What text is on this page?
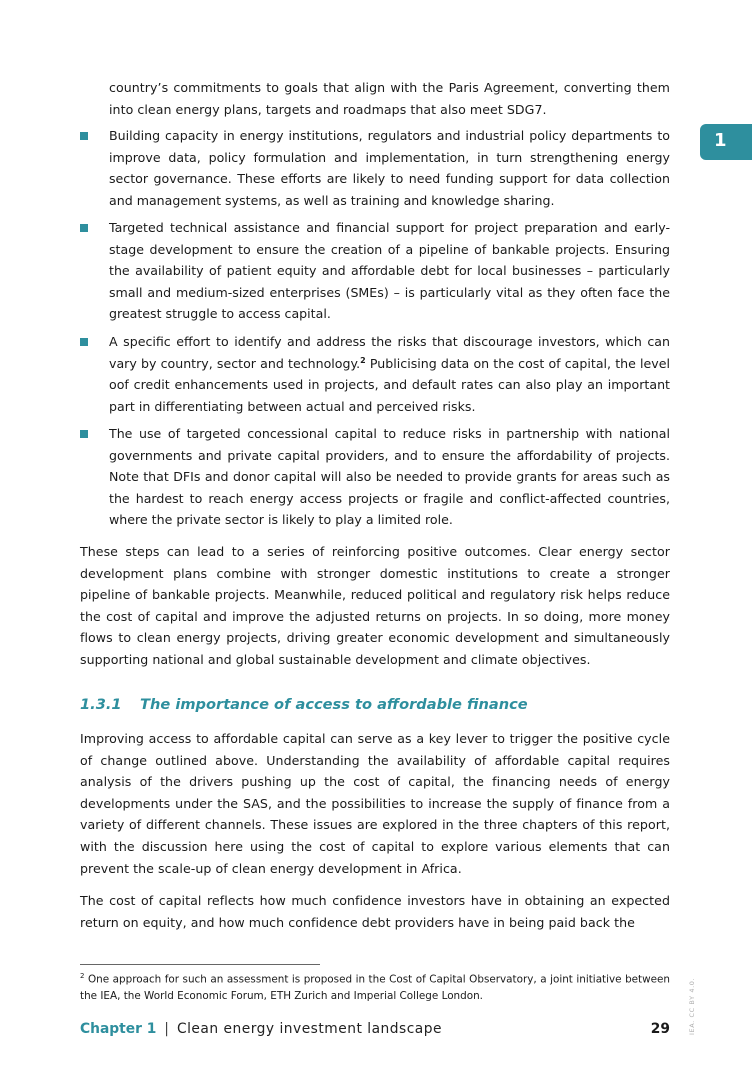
1
country’s commitments to goals that align with the Paris Agreement, converting them into clean energy plans, targets and roadmaps that also meet SDG7.
Building capacity in energy institutions, regulators and industrial policy departments to improve data, policy formulation and implementation, in turn strengthening energy sector governance. These efforts are likely to need funding support for data collection and management systems, as well as training and knowledge sharing.
Targeted technical assistance and financial support for project preparation and early-stage development to ensure the creation of a pipeline of bankable projects. Ensuring the availability of patient equity and affordable debt for local businesses – particularly small and medium-sized enterprises (SMEs) – is particularly vital as they often face the greatest struggle to access capital.
A specific effort to identify and address the risks that discourage investors, which can vary by country, sector and technology.$^2$ Publicising data on the cost of capital, the level oof credit enhancements used in projects, and default rates can also play an important part in differentiating between actual and perceived risks.
The use of targeted concessional capital to reduce risks in partnership with national governments and private capital providers, and to ensure the affordability of projects. Note that DFIs and donor capital will also be needed to provide grants for areas such as the hardest to reach energy access projects or fragile and conflict-affected countries, where the private sector is likely to play a limited role.
These steps can lead to a series of reinforcing positive outcomes. Clear energy sector development plans combine with stronger domestic institutions to create a stronger pipeline of bankable projects. Meanwhile, reduced political and regulatory risk helps reduce the cost of capital and improve the adjusted returns on projects. In so doing, more money flows to clean energy projects, driving greater economic development and simultaneously supporting national and global sustainable development and climate objectives.
1.3.1 The importance of access to affordable finance
Improving access to affordable capital can serve as a key lever to trigger the positive cycle of change outlined above. Understanding the availability of affordable capital requires analysis of the drivers pushing up the cost of capital, the financing needs of energy developments under the SAS, and the possibilities to increase the supply of finance from a variety of different channels. These issues are explored in the three chapters of this report, with the discussion here using the cost of capital to explore various elements that can prevent the scale-up of clean energy development in Africa.
The cost of capital reflects how much confidence investors have in obtaining an expected return on equity, and how much confidence debt providers have in being paid back the
$^2$ One approach for such an assessment is proposed in the Cost of Capital Observatory, a joint initiative between the IEA, the World Economic Forum, ETH Zurich and Imperial College London.
Chapter 1 | Clean energy investment landscape	29	IEA. CC BY 4.0.
